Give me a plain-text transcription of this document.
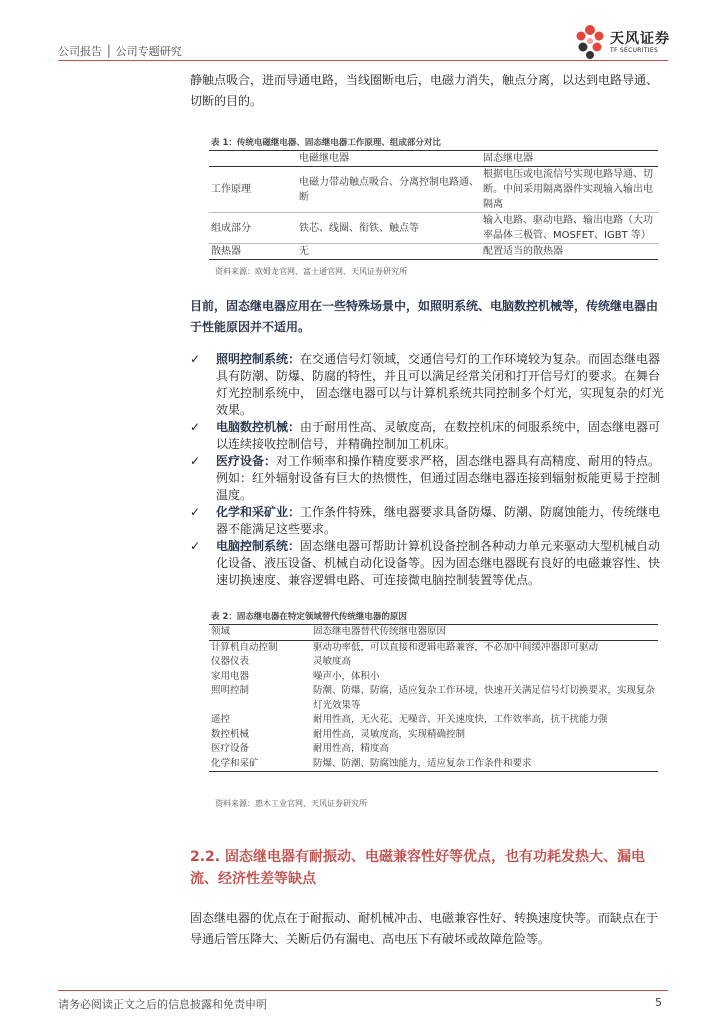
公司报告 │ 公司专题研究
天风证券
TF SECURITIES

静触点吸合，进而导通电路，当线圈断电后，电磁力消失，触点分离，以达到电路导通、切断的目的。

表 1：传统电磁继电器、固态继电器工作原理、组成部分对比
	电磁继电器	固态继电器
工作原理	电磁力带动触点吸合、分离控制电路通、断	根据电压或电流信号实现电路导通、切断。中间采用隔离器件实现输入输出电隔离
组成部分	铁芯、线圈、衔铁、触点等	输入电路、驱动电路、输出电路（大功率晶体三极管、MOSFET、IGBT 等）
散热器	无	配置适当的散热器
资料来源：欧姆龙官网、富士通官网、天风证券研究所
目前，固态继电器应用在一些特殊场景中，如照明系统、电脑数控机械等，传统继电器由于性能原因并不适用。
✓ 照明控制系统：在交通信号灯领域，交通信号灯的工作环境较为复杂。而固态继电器具有防潮、防爆、防腐的特性，并且可以满足经常关闭和打开信号灯的要求。在舞台灯光控制系统中， 固态继电器可以与计算机系统共同控制多个灯光，实现复杂的灯光效果。
✓ 电脑数控机械：由于耐用性高、灵敏度高，在数控机床的伺服系统中，固态继电器可以连续接收控制信号，并精确控制加工机床。
✓ 医疗设备：对工作频率和操作精度要求严格，固态继电器具有高精度、耐用的特点。例如：红外辐射设备有巨大的热惯性，但通过固态继电器连接到辐射板能更易于控制温度。
✓ 化学和采矿业：工作条件特殊，继电器要求具备防爆、防潮、防腐蚀能力，传统继电器不能满足这些要求。
✓ 电脑控制系统：固态继电器可帮助计算机设备控制各种动力单元来驱动大型机械自动化设备、液压设备、机械自动化设备等。因为固态继电器既有良好的电磁兼容性、快速切换速度、兼容逻辑电路、可连接微电脑控制装置等优点。
表 2：固态继电器在特定领域替代传统继电器的原因
领域	固态继电器替代传统继电器原因
计算机自动控制	驱动功率低，可以直接和逻辑电路兼容，不必加中间缓冲器即可驱动
仪器仪表	灵敏度高
家用电器	噪声小，体积小
照明控制	防潮、防爆、防腐，适应复杂工作环境，快速开关满足信号灯切换要求，实现复杂灯光效果等
遥控	耐用性高，无火花、无噪音、开关速度快，工作效率高，抗干扰能力强
数控机械	耐用性高，灵敏度高，实现精确控制
医疗设备	耐用性高，精度高
化学和采矿	防爆、防潮、防腐蚀能力，适应复杂工作条件和要求
资料来源：惠木工业官网、天风证券研究所
2.2. 固态继电器有耐振动、电磁兼容性好等优点，也有功耗发热大、漏电流、经济性差等缺点

固态继电器的优点在于耐振动、耐机械冲击、电磁兼容性好、转换速度快等。而缺点在于导通后管压降大、关断后仍有漏电、高电压下有破坏或故障危险等。

请务必阅读正文之后的信息披露和免责申明	5
